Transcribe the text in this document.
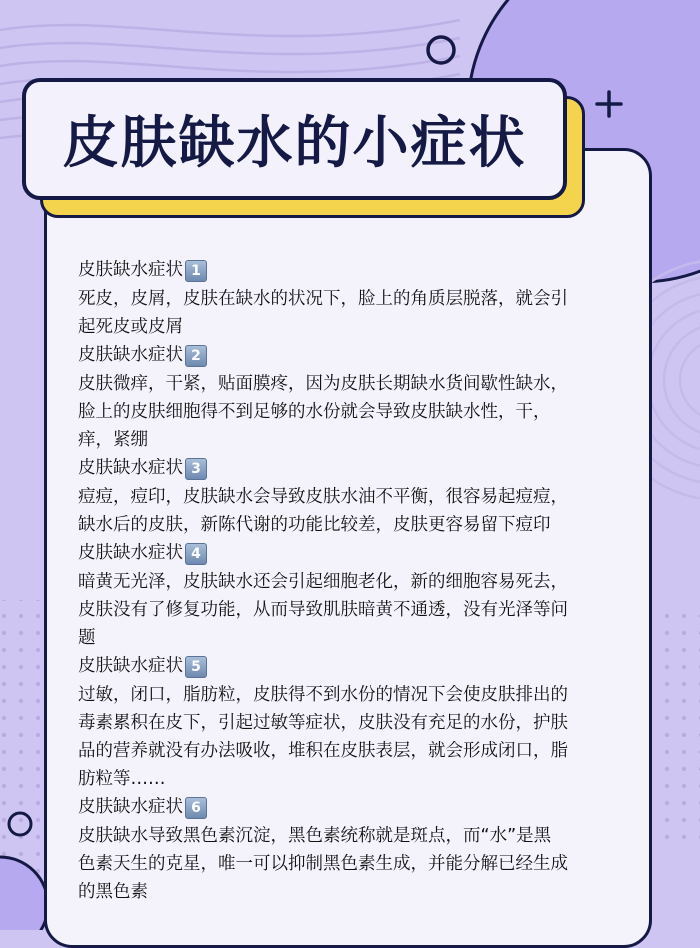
皮肤缺水的小症状
皮肤缺水症状 1
死皮，皮屑，皮肤在缺水的状况下，脸上的角质层脱落，就会引
起死皮或皮屑
皮肤缺水症状 2
皮肤微痒，干紧，贴面膜疼，因为皮肤长期缺水货间歇性缺水，
脸上的皮肤细胞得不到足够的水份就会导致皮肤缺水性，干，
痒，紧绷
皮肤缺水症状 3
痘痘，痘印，皮肤缺水会导致皮肤水油不平衡，很容易起痘痘，
缺水后的皮肤，新陈代谢的功能比较差，皮肤更容易留下痘印
皮肤缺水症状 4
暗黄无光泽，皮肤缺水还会引起细胞老化，新的细胞容易死去，
皮肤没有了修复功能，从而导致肌肤暗黄不通透，没有光泽等问
题
皮肤缺水症状 5
过敏，闭口，脂肪粒，皮肤得不到水份的情况下会使皮肤排出的
毒素累积在皮下，引起过敏等症状，皮肤没有充足的水份，护肤
品的营养就没有办法吸收，堆积在皮肤表层，就会形成闭口，脂
肪粒等……
皮肤缺水症状 6
皮肤缺水导致黑色素沉淀，黑色素统称就是斑点，而“水”是黑
色素天生的克星，唯一可以抑制黑色素生成，并能分解已经生成
的黑色素
